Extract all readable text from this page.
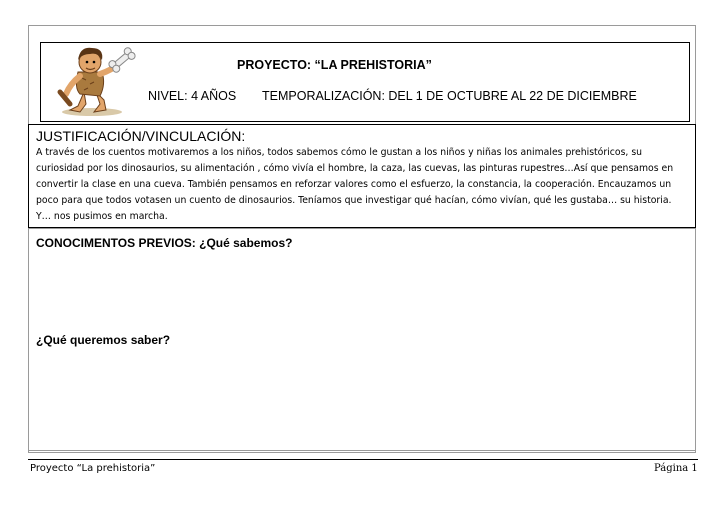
PROYECTO: “LA PREHISTORIA”
NIVEL: 4 AÑOS TEMPORALIZACIÓN: DEL 1 DE OCTUBRE AL 22 DE DICIEMBRE
JUSTIFICACIÓN/VINCULACIÓN:
A través de los cuentos motivaremos a los niños, todos sabemos cómo le gustan a los niños y niñas los animales prehistóricos, su
curiosidad por los dinosaurios, su alimentación , cómo vivía el hombre, la caza, las cuevas, las pinturas rupestres…Así que pensamos en
convertir la clase en una cueva. También pensamos en reforzar valores como el esfuerzo, la constancia, la cooperación. Encauzamos un
poco para que todos votasen un cuento de dinosaurios. Teníamos que investigar qué hacían, cómo vivían, qué les gustaba… su historia.
Y… nos pusimos en marcha.
CONOCIMENTOS PREVIOS: ¿Qué sabemos?
¿Qué queremos saber?
Proyecto “La prehistoria”	Página 1
